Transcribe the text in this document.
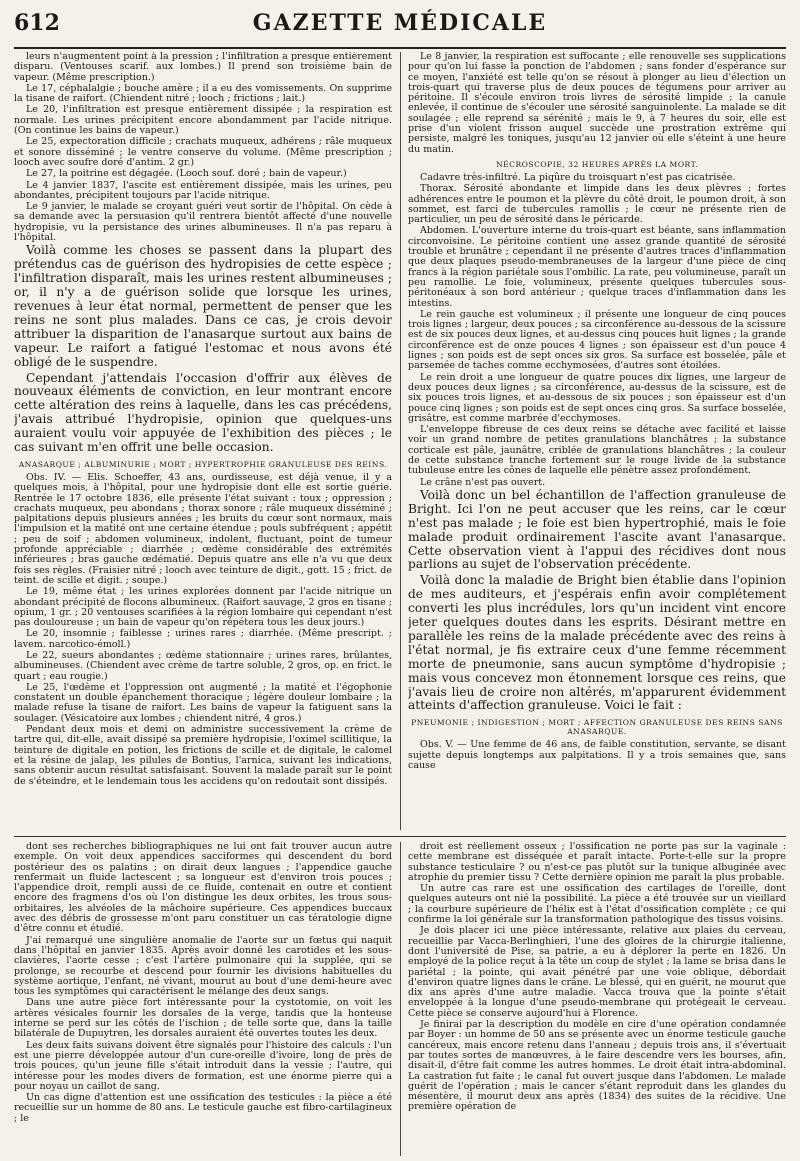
612	GAZETTE MÉDICALE

leurs n'augmentent point à la pression ; l'infiltration a presque entièrement disparu. (Ventouses scarif. aux lombes.) Il prend son troisième bain de vapeur. (Même prescription.)

Le 17, céphalalgie ; bouche amère ; il a eu des vomissements. On supprime la tisane de raifort. (Chiendent nitré ; looch ; frictions ; lait.)

Le 20, l'infiltration est presque entièrement dissipée ; la respiration est normale. Les urines précipitent encore abondamment par l'acide nitrique. (On continue les bains de vapeur.)

Le 25, expectoration difficile ; crachats muqueux, adhérens ; râle muqueux et sonore disséminé ; le ventre conserve du volume. (Même prescription ; looch avec soufre doré d'antim. 2 gr.)

Le 27, la poitrine est dégagée. (Looch souf. doré ; bain de vapeur.)

Le 4 janvier 1837, l'ascite est entièrement dissipée, mais les urines, peu abondantes, précipitent toujours par l'acide nitrique.

Le 9 janvier, le malade se croyant guéri veut sortir de l'hôpital. On cède à sa demande avec la persuasion qu'il rentrera bientôt affecté d'une nouvelle hydropisie, vu la persistance des urines albumineuses. Il n'a pas reparu à l'hôpital.

Voilà comme les choses se passent dans la plupart des prétendus cas de guérison des hydropisies de cette espèce ; l'infiltration disparaît, mais les urines restent albumineuses ; or, il n'y a de guérison solide que lorsque les urines, revenues à leur état normal, permettent de penser que les reins ne sont plus malades. Dans ce cas, je crois devoir attribuer la disparition de l'anasarque surtout aux bains de vapeur. Le raifort a fatigué l'estomac et nous avons été obligé de le suspendre.

Cependant j'attendais l'occasion d'offrir aux élèves de nouveaux éléments de conviction, en leur montrant encore cette altération des reins à laquelle, dans les cas précédens, j'avais attribué l'hydropisie, opinion que quelques-uns auraient voulu voir appuyée de l'exhibition des pièces ; le cas suivant m'en offrit une belle occasion.

ANASARQUE ; ALBUMINURIE ; MORT ; HYPERTROPHIE GRANULEUSE DES REINS.

Obs. IV. — Elis. Schoeffer, 43 ans, ourdisseuse, est déjà venue, il y a quelques mois, à l'hôpital, pour une hydropisie dont elle est sortie guérie. Rentrée le 17 octobre 1836, elle présente l'état suivant : toux ; oppression ; crachats muqueux, peu abondans ; thorax sonore ; râle muqueux disséminé ; palpitations depuis plusieurs années ; les bruits du cœur sont normaux, mais l'impulsion et la matité ont une certaine étendue ; pouls subfréquent ; appétit ; peu de soif ; abdomen volumineux, indolent, fluctuant, point de tumeur profonde appréciable ; diarrhée ; œdème considérable des extrémités inférieures ; bras gauche œdématié. Depuis quatre ans elle n'a vu que deux fois ses règles. (Fraisier nitré ; looch avec teinture de digit., gott. 15 ; frict. de teint. de scille et digit. ; soupe.)

Le 19, même état ; les urines explorées donnent par l'acide nitrique un abondant précipité de flocons albumineux. (Raifort sauvage, 2 gros en tisane ; opium, 1 gr. ; 20 ventouses scarifiées à la région lombaire qui cependant n'est pas douloureuse ; un bain de vapeur qu'on répétera tous les deux jours.)

Le 20, insomnie ; faiblesse ; urines rares ; diarrhée. (Même prescript. ; lavem. narcotico-émoll.)

Le 22, sueurs abondantes ; œdème stationnaire ; urines rares, brûlantes, albumineuses. (Chiendent avec crème de tartre soluble, 2 gros, op. en frict. le quart ; eau rougie.)

Le 25, l'œdème et l'oppression ont augmenté ; la matité et l'égophonie constatent un double épanchement thoracique ; légère douleur lombaire ; la malade refuse la tisane de raifort. Les bains de vapeur la fatiguent sans la soulager. (Vésicatoire aux lombes ; chiendent nitré, 4 gros.)

Pendant deux mois et demi on administre successivement la crème de tartre qui, dit-elle, avait dissipé sa première hydropisie, l'oximel scillitique, la teinture de digitale en potion, les frictions de scille et de digitale, le calomel et la résine de jalap, les pilules de Bontius, l'arnica, suivant les indications, sans obtenir aucun résultat satisfaisant. Souvent la malade paraît sur le point de s'éteindre, et le lendemain tous les accidens qu'on redoutait sont dissipés.

Le 8 janvier, la respiration est suffocante ; elle renouvelle ses supplications pour qu'on lui fasse la ponction de l'abdomen ; sans fonder d'espérance sur ce moyen, l'anxiété est telle qu'on se résout à plonger au lieu d'élection un trois-quart qui traverse plus de deux pouces de tégumens pour arriver au péritoine. Il s'écoule environ trois livres de sérosité limpide ; la canule enlevée, il continue de s'écouler une sérosité sanguinolente. La malade se dit soulagée ; elle reprend sa sérénité ; mais le 9, à 7 heures du soir, elle est prise d'un violent frisson auquel succède une prostration extrême qui persiste, malgré les toniques, jusqu'au 12 janvier où elle s'éteint à une heure du matin.

NÉCROSCOPIE, 32 HEURES APRÈS LA MORT.

Cadavre très-infiltré. La piqûre du troisquart n'est pas cicatrisée.

Thorax. Sérosité abondante et limpide dans les deux plèvres ; fortes adhérences entre le poumon et la plèvre du côté droit, le poumon droit, à son sommet, est farci de tubercules ramollis ; le cœur ne présente rien de particulier, un peu de sérosité dans le péricarde.

Abdomen. L'ouverture interne du trois-quart est béante, sans inflammation circonvoisine. Le péritoine contient une assez grande quantité de sérosité trouble et brunâtre ; cependant il ne présente d'autres traces d'inflammation que deux plaques pseudo-membraneuses de la largeur d'une pièce de cinq francs à la région pariétale sous l'ombilic. La rate, peu volumineuse, paraît un peu ramollie. Le foie, volumineux, présente quelques tubercules sous-péritonéaux à son bord antérieur ; quelque traces d'inflammation dans les intestins.

Le rein gauche est volumineux ; il présente une longueur de cinq pouces trois lignes ; largeur, deux pouces ; sa circonférence au-dessous de la scissure est de six pouces deux lignes, et au-dessus cinq pouces huit lignes ; la grande circonférence est de onze pouces 4 lignes ; son épaisseur est d'un pouce 4 lignes ; son poids est de sept onces six gros. Sa surface est bosselée, pâle et parsemée de taches comme ecchymosées, d'autres sont étoilées.

Le rein droit a une longueur de quatre pouces dix lignes, une largeur de deux pouces deux lignes ; sa circonférence, au-dessus de la scissure, est de six pouces trois lignes, et au-dessous de six pouces ; son épaisseur est d'un pouce cinq lignes ; son poids est de sept onces cinq gros. Sa surface bosselée, grisâtre, est comme marbrée d'ecchymoses.

L'enveloppe fibreuse de ces deux reins se détache avec facilité et laisse voir un grand nombre de petites granulations blanchâtres ; la substance corticale est pâle, jaunâtre, criblée de granulations blanchâtres ; la couleur de cette substance tranche fortement sur le rouge livide de la substance tubuleuse entre les cônes de laquelle elle pénètre assez profondément.

Le crâne n'est pas ouvert.

Voilà donc un bel échantillon de l'affection granuleuse de Bright. Ici l'on ne peut accuser que les reins, car le cœur n'est pas malade ; le foie est bien hypertrophié, mais le foie malade produit ordinairement l'ascite avant l'anasarque. Cette observation vient à l'appui des récidives dont nous parlions au sujet de l'observation précédente.

Voilà donc la maladie de Bright bien établie dans l'opinion de mes auditeurs, et j'espérais enfin avoir complétement converti les plus incrédules, lors qu'un incident vint encore jeter quelques doutes dans les esprits. Désirant mettre en parallèle les reins de la malade précédente avec des reins à l'état normal, je fis extraire ceux d'une femme récemment morte de pneumonie, sans aucun symptôme d'hydropisie ; mais vous concevez mon étonnement lorsque ces reins, que j'avais lieu de croire non altérés, m'apparurent évidemment atteints d'affection granuleuse. Voici le fait :

PNEUMONIE ; INDIGESTION ; MORT ; AFFECTION GRANULEUSE DES REINS SANS ANASARQUE.

Obs. V. — Une femme de 46 ans, de faible constitution, servante, se disant sujette depuis longtemps aux palpitations. Il y a trois semaines que, sans cause

dont ses recherches bibliographiques ne lui ont fait trouver aucun autre exemple. On voit deux appendices sacciformes qui descendent du bord postérieur des os palatins ; on dirait deux langues ; l'appendice gauche renfermait un fluide lactescent ; sa longueur est d'environ trois pouces ; l'appendice droit, rempli aussi de ce fluide, contenait en outre et contient encore des fragmens d'os où l'on distingue les deux orbites, les trous sous-orbitaires, les alvéoles de la mâchoire supérieure. Ces appendices buccaux avec des débris de grossesse m'ont paru constituer un cas tératologie digne d'être connu et étudié.

J'ai remarqué une singulière anomalie de l'aorte sur un fœtus qui naquit dans l'hôpital en janvier 1835. Après avoir donné les carotides et les sous-clavières, l'aorte cesse ; c'est l'artère pulmonaire qui la supplée, qui se prolonge, se recourbe et descend pour fournir les divisions habituelles du système aortique, l'enfant, né vivant, mourut au bout d'une demi-heure avec tous les symptômes qui caractérisent le mélange des deux sangs.

Dans une autre pièce fort intéressante pour la cystotomie, on voit les artères vésicales fournir les dorsales de la verge, tandis que la honteuse interne se perd sur les côtés de l'ischion ; de telle sorte que, dans la taille bilatérale de Dupuytren, les dorsales auraient été ouvertes toutes les deux.

Les deux faits suivans doivent être signalés pour l'histoire des calculs : l'un est une pierre développée autour d'un cure-oreille d'ivoire, long de près de trois pouces, qu'un jeune fille s'était introduit dans la vessie ; l'autre, qui intéresse pour les modes divers de formation, est une énorme pierre qui a pour noyau un caillot de sang.

Un cas digne d'attention est une ossification des testicules : la pièce a été recueillie sur un homme de 80 ans. Le testicule gauche est fibro-cartilagineux ; le

droit est réellement osseux ; l'ossification ne porte pas sur la vaginale : cette membrane est disséquée et paraît intacte. Porte-t-elle sur la propre substance testiculaire ? ou n'est-ce pas plutôt sur la tunique albuginée avec atrophie du premier tissu ? Cette dernière opinion me paraît la plus probable.

Un autre cas rare est une ossification des cartilages de l'oreille, dont quelques auteurs ont nié la possibilité. La pièce a été trouvée sur un vieillard ; la courbure supérieure de l'hélix est à l'état d'ossification complète ; ce qui confirme la loi générale sur la transformation pathologique des tissus voisins.

Je dois placer ici une pièce intéressante, relative aux plaies du cerveau, recueillie par Vacca-Berlinghieri, l'une des gloires de la chirurgie italienne, dont l'université de Pise, sa patrie, a eu à déplorer la perte en 1826. Un employé de la police reçut à la tête un coup de stylet ; la lame se brisa dans le pariétal ; la pointe, qui avait pénétré par une voie oblique, débordait d'environ quatre lignes dans le crâne. Le blessé, qui en guérit, ne mourut que dix ans après d'une autre maladie. Vacca trouva que la pointe s'était enveloppée à la longue d'une pseudo-membrane qui protégeait le cerveau. Cette pièce se conserve aujourd'hui à Florence.

Je finirai par la description du modèle en cire d'une opération condamnée par Boyer : un homme de 50 ans se présente avec un énorme testicule gauche cancéreux, mais encore retenu dans l'anneau ; depuis trois ans, il s'évertuait par toutes sortes de manœuvres, à le faire descendre vers les bourses, afin, disait-il, d'être fait comme les autres hommes. Le droit était intra-abdominal. La castration fut faite ; le canal fut ouvert jusque dans l'abdomen. Le malade guérit de l'opération ; mais le cancer s'étant reproduit dans les glandes du mésentère, il mourut deux ans après (1834) des suites de la récidive. Une première opération de
